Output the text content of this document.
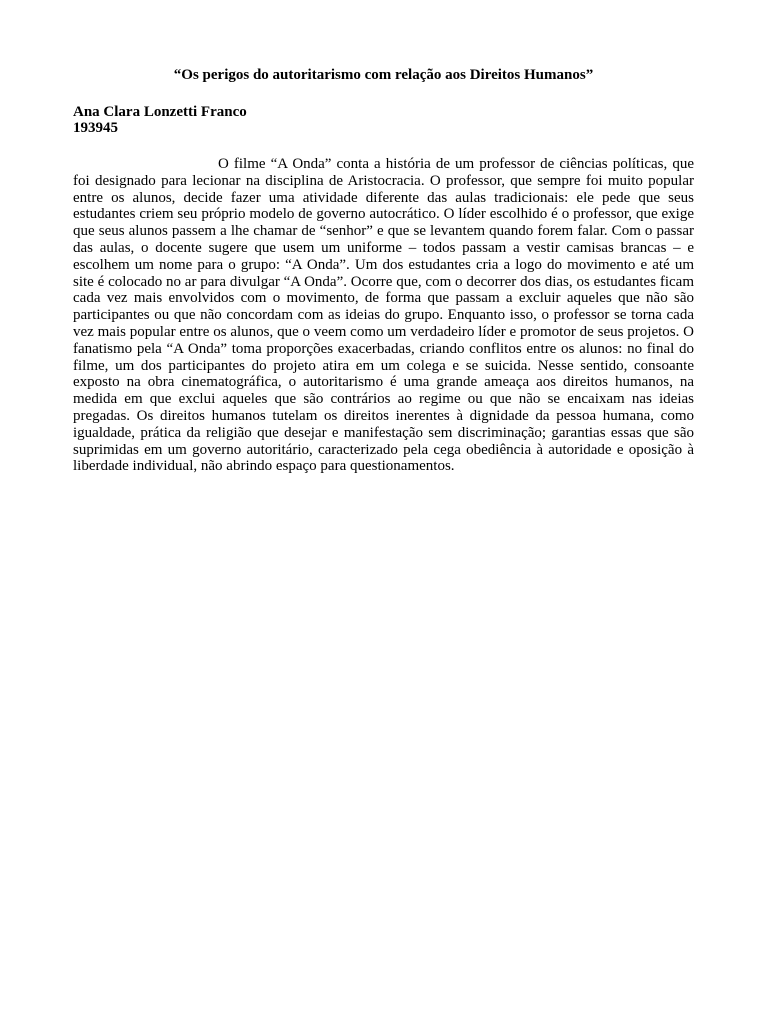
“Os perigos do autoritarismo com relação aos Direitos Humanos”
Ana Clara Lonzetti Franco
193945

O filme “A Onda” conta a história de um professor de ciências políticas, que foi designado para lecionar na disciplina de Aristocracia. O professor, que sempre foi muito popular entre os alunos, decide fazer uma atividade diferente das aulas tradicionais: ele pede que seus estudantes criem seu próprio modelo de governo autocrático. O líder escolhido é o professor, que exige que seus alunos passem a lhe chamar de “senhor” e que se levantem quando forem falar. Com o passar das aulas, o docente sugere que usem um uniforme – todos passam a vestir camisas brancas – e escolhem um nome para o grupo: “A Onda”. Um dos estudantes cria a logo do movimento e até um site é colocado no ar para divulgar “A Onda”. Ocorre que, com o decorrer dos dias, os estudantes ficam cada vez mais envolvidos com o movimento, de forma que passam a excluir aqueles que não são participantes ou que não concordam com as ideias do grupo. Enquanto isso, o professor se torna cada vez mais popular entre os alunos, que o veem como um verdadeiro líder e promotor de seus projetos. O fanatismo pela “A Onda” toma proporções exacerbadas, criando conflitos entre os alunos: no final do filme, um dos participantes do projeto atira em um colega e se suicida. Nesse sentido, consoante exposto na obra cinematográfica, o autoritarismo é uma grande ameaça aos direitos humanos, na medida em que exclui aqueles que são contrários ao regime ou que não se encaixam nas ideias pregadas. Os direitos humanos tutelam os direitos inerentes à dignidade da pessoa humana, como igualdade, prática da religião que desejar e manifestação sem discriminação; garantias essas que são suprimidas em um governo autoritário, caracterizado pela cega obediência à autoridade e oposição à liberdade individual, não abrindo espaço para questionamentos.
